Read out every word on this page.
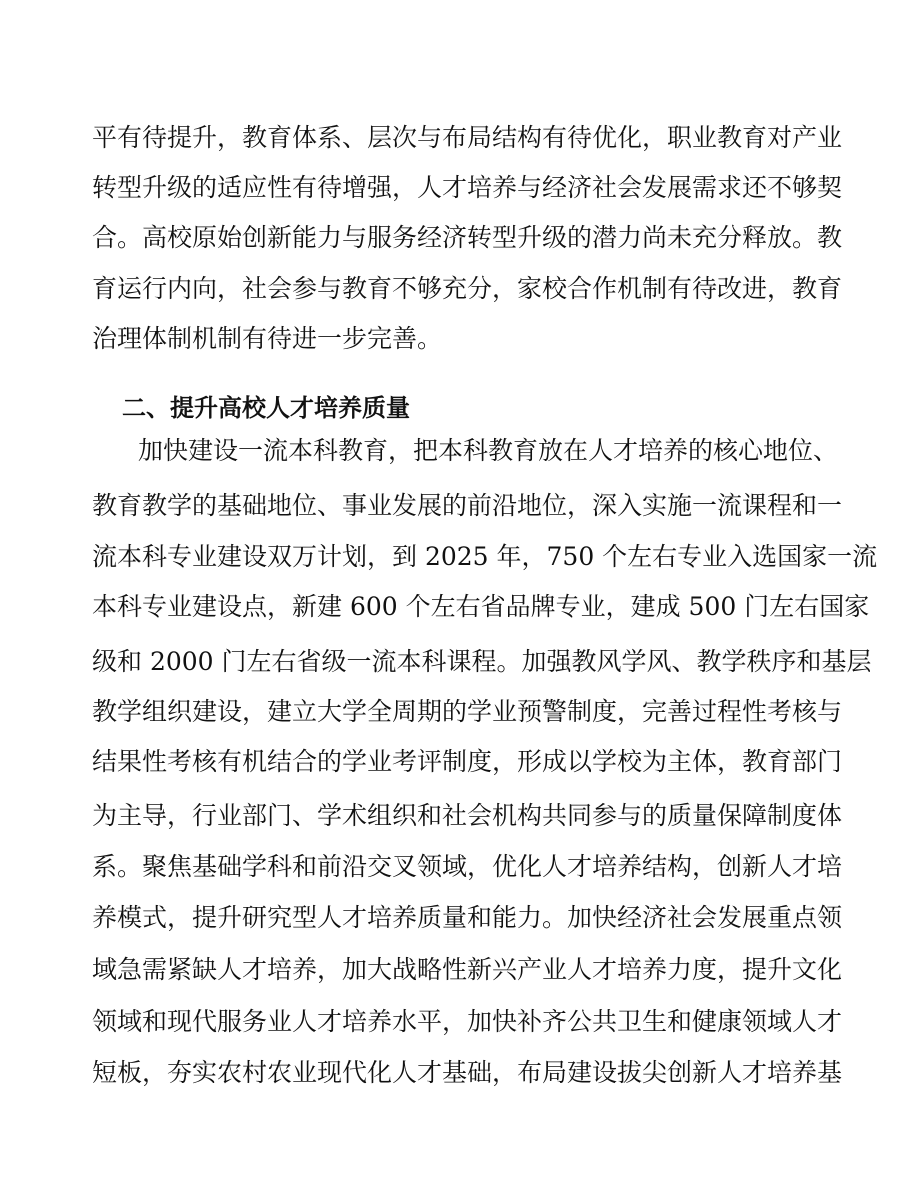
平有待提升，教育体系、层次与布局结构有待优化，职业教育对产业

转型升级的适应性有待增强，人才培养与经济社会发展需求还不够契

合。高校原始创新能力与服务经济转型升级的潜力尚未充分释放。教

育运行内向，社会参与教育不够充分，家校合作机制有待改进，教育

治理体制机制有待进一步完善。

二、提升高校人才培养质量

加快建设一流本科教育，把本科教育放在人才培养的核心地位、

教育教学的基础地位、事业发展的前沿地位，深入实施一流课程和一

流本科专业建设双万计划，到 2025 年，750 个左右专业入选国家一流

本科专业建设点，新建 600 个左右省品牌专业，建成 500 门左右国家

级和 2000 门左右省级一流本科课程。加强教风学风、教学秩序和基层

教学组织建设，建立大学全周期的学业预警制度，完善过程性考核与

结果性考核有机结合的学业考评制度，形成以学校为主体，教育部门

为主导，行业部门、学术组织和社会机构共同参与的质量保障制度体

系。聚焦基础学科和前沿交叉领域，优化人才培养结构，创新人才培

养模式，提升研究型人才培养质量和能力。加快经济社会发展重点领

域急需紧缺人才培养，加大战略性新兴产业人才培养力度，提升文化

领域和现代服务业人才培养水平，加快补齐公共卫生和健康领域人才

短板，夯实农村农业现代化人才基础，布局建设拔尖创新人才培养基
